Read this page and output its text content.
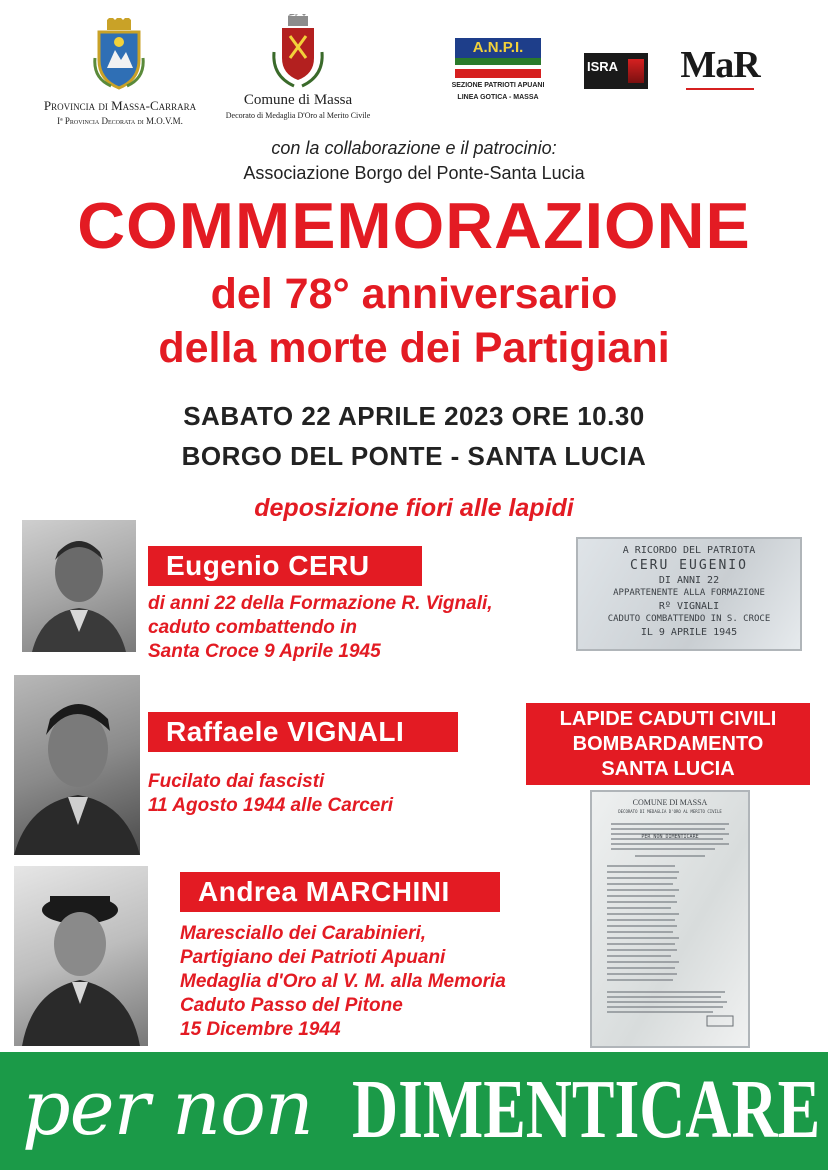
Provincia di Massa-Carrara
Iª Provincia Decorata di M.O.V.M.
Comune di Massa
Decorato di Medaglia D'Oro al Merito Civile
A.N.P.I.
SEZIONE PATRIOTI APUANI
LINEA GOTICA - MASSA
ISRA MaR
con la collaborazione e il patrocinio:
Associazione Borgo del Ponte-Santa Lucia
COMMEMORAZIONE
del 78° anniversario
della morte dei Partigiani
SABATO 22 APRILE 2023 ORE 10.30
BORGO DEL PONTE - SANTA LUCIA
deposizione fiori alle lapidi
Eugenio CERU
di anni 22 della Formazione R. Vignali,
caduto combattendo in
Santa Croce 9 Aprile 1945
A RICORDO DEL PATRIOTA
CERU EUGENIO
DI ANNI 22
APPARTENENTE ALLA FORMAZIONE
Rº VIGNALI
CADUTO COMBATTENDO IN S. CROCE
IL 9 APRILE 1945
Raffaele VIGNALI
Fucilato dai fascisti
11 Agosto 1944 alle Carceri
LAPIDE CADUTI CIVILI
BOMBARDAMENTO
SANTA LUCIA
COMUNE DI MASSA
DECORATO DI MEDAGLIA D'ORO AL MERITO CIVILE
PER NON DIMENTICARE
Andrea MARCHINI
Maresciallo dei Carabinieri,
Partigiano dei Patrioti Apuani
Medaglia d'Oro al V. M. alla Memoria
Caduto Passo del Pitone
15 Dicembre 1944
per non DIMENTICARE
